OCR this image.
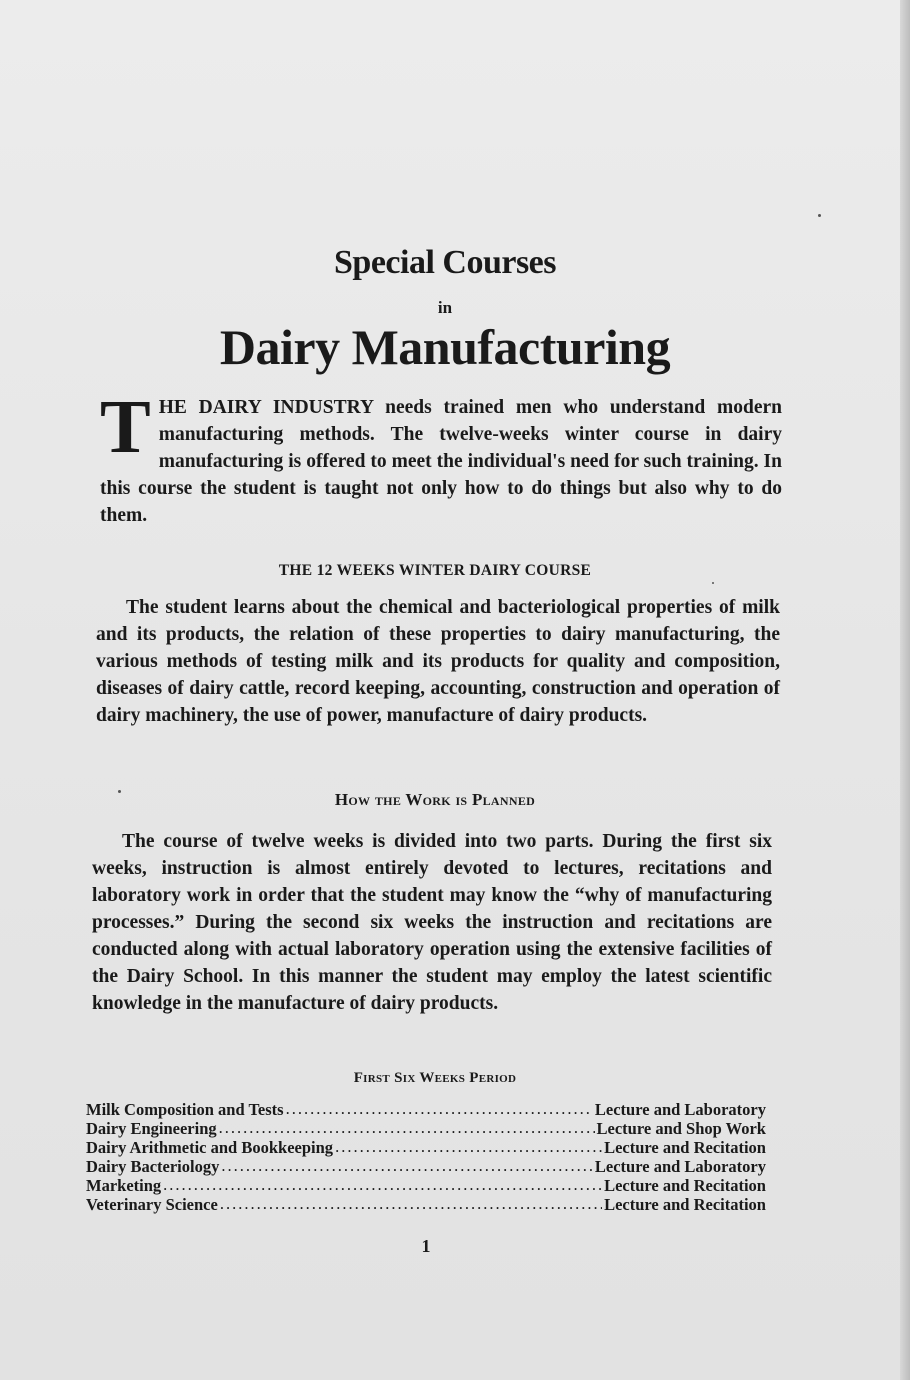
Special Courses
in
Dairy Manufacturing
T HE DAIRY INDUSTRY needs trained men who understand modern manufacturing methods. The twelve-weeks winter course in dairy manufacturing is offered to meet the individual's need for such training. In this course the student is taught not only how to do things but also why to do them.
THE 12 WEEKS WINTER DAIRY COURSE
The student learns about the chemical and bacteriological properties of milk and its products, the relation of these properties to dairy manufacturing, the various methods of testing milk and its products for quality and composition, diseases of dairy cattle, record keeping, accounting, construction and operation of dairy machinery, the use of power, manufacture of dairy products.
How the Work is Planned
The course of twelve weeks is divided into two parts. During the first six weeks, instruction is almost entirely devoted to lectures, recitations and laboratory work in order that the student may know the “why of manufacturing processes.” During the second six weeks the instruction and recitations are conducted along with actual laboratory operation using the extensive facilities of the Dairy School. In this manner the student may employ the latest scientific knowledge in the manufacture of dairy products.
First Six Weeks Period
Milk Composition and Tests .....	Lecture and Laboratory
Dairy Engineering .....	Lecture and Shop Work
Dairy Arithmetic and Bookkeeping .....	Lecture and Recitation
Dairy Bacteriology .....	Lecture and Laboratory
Marketing .....	Lecture and Recitation
Veterinary Science .....	Lecture and Recitation
1
